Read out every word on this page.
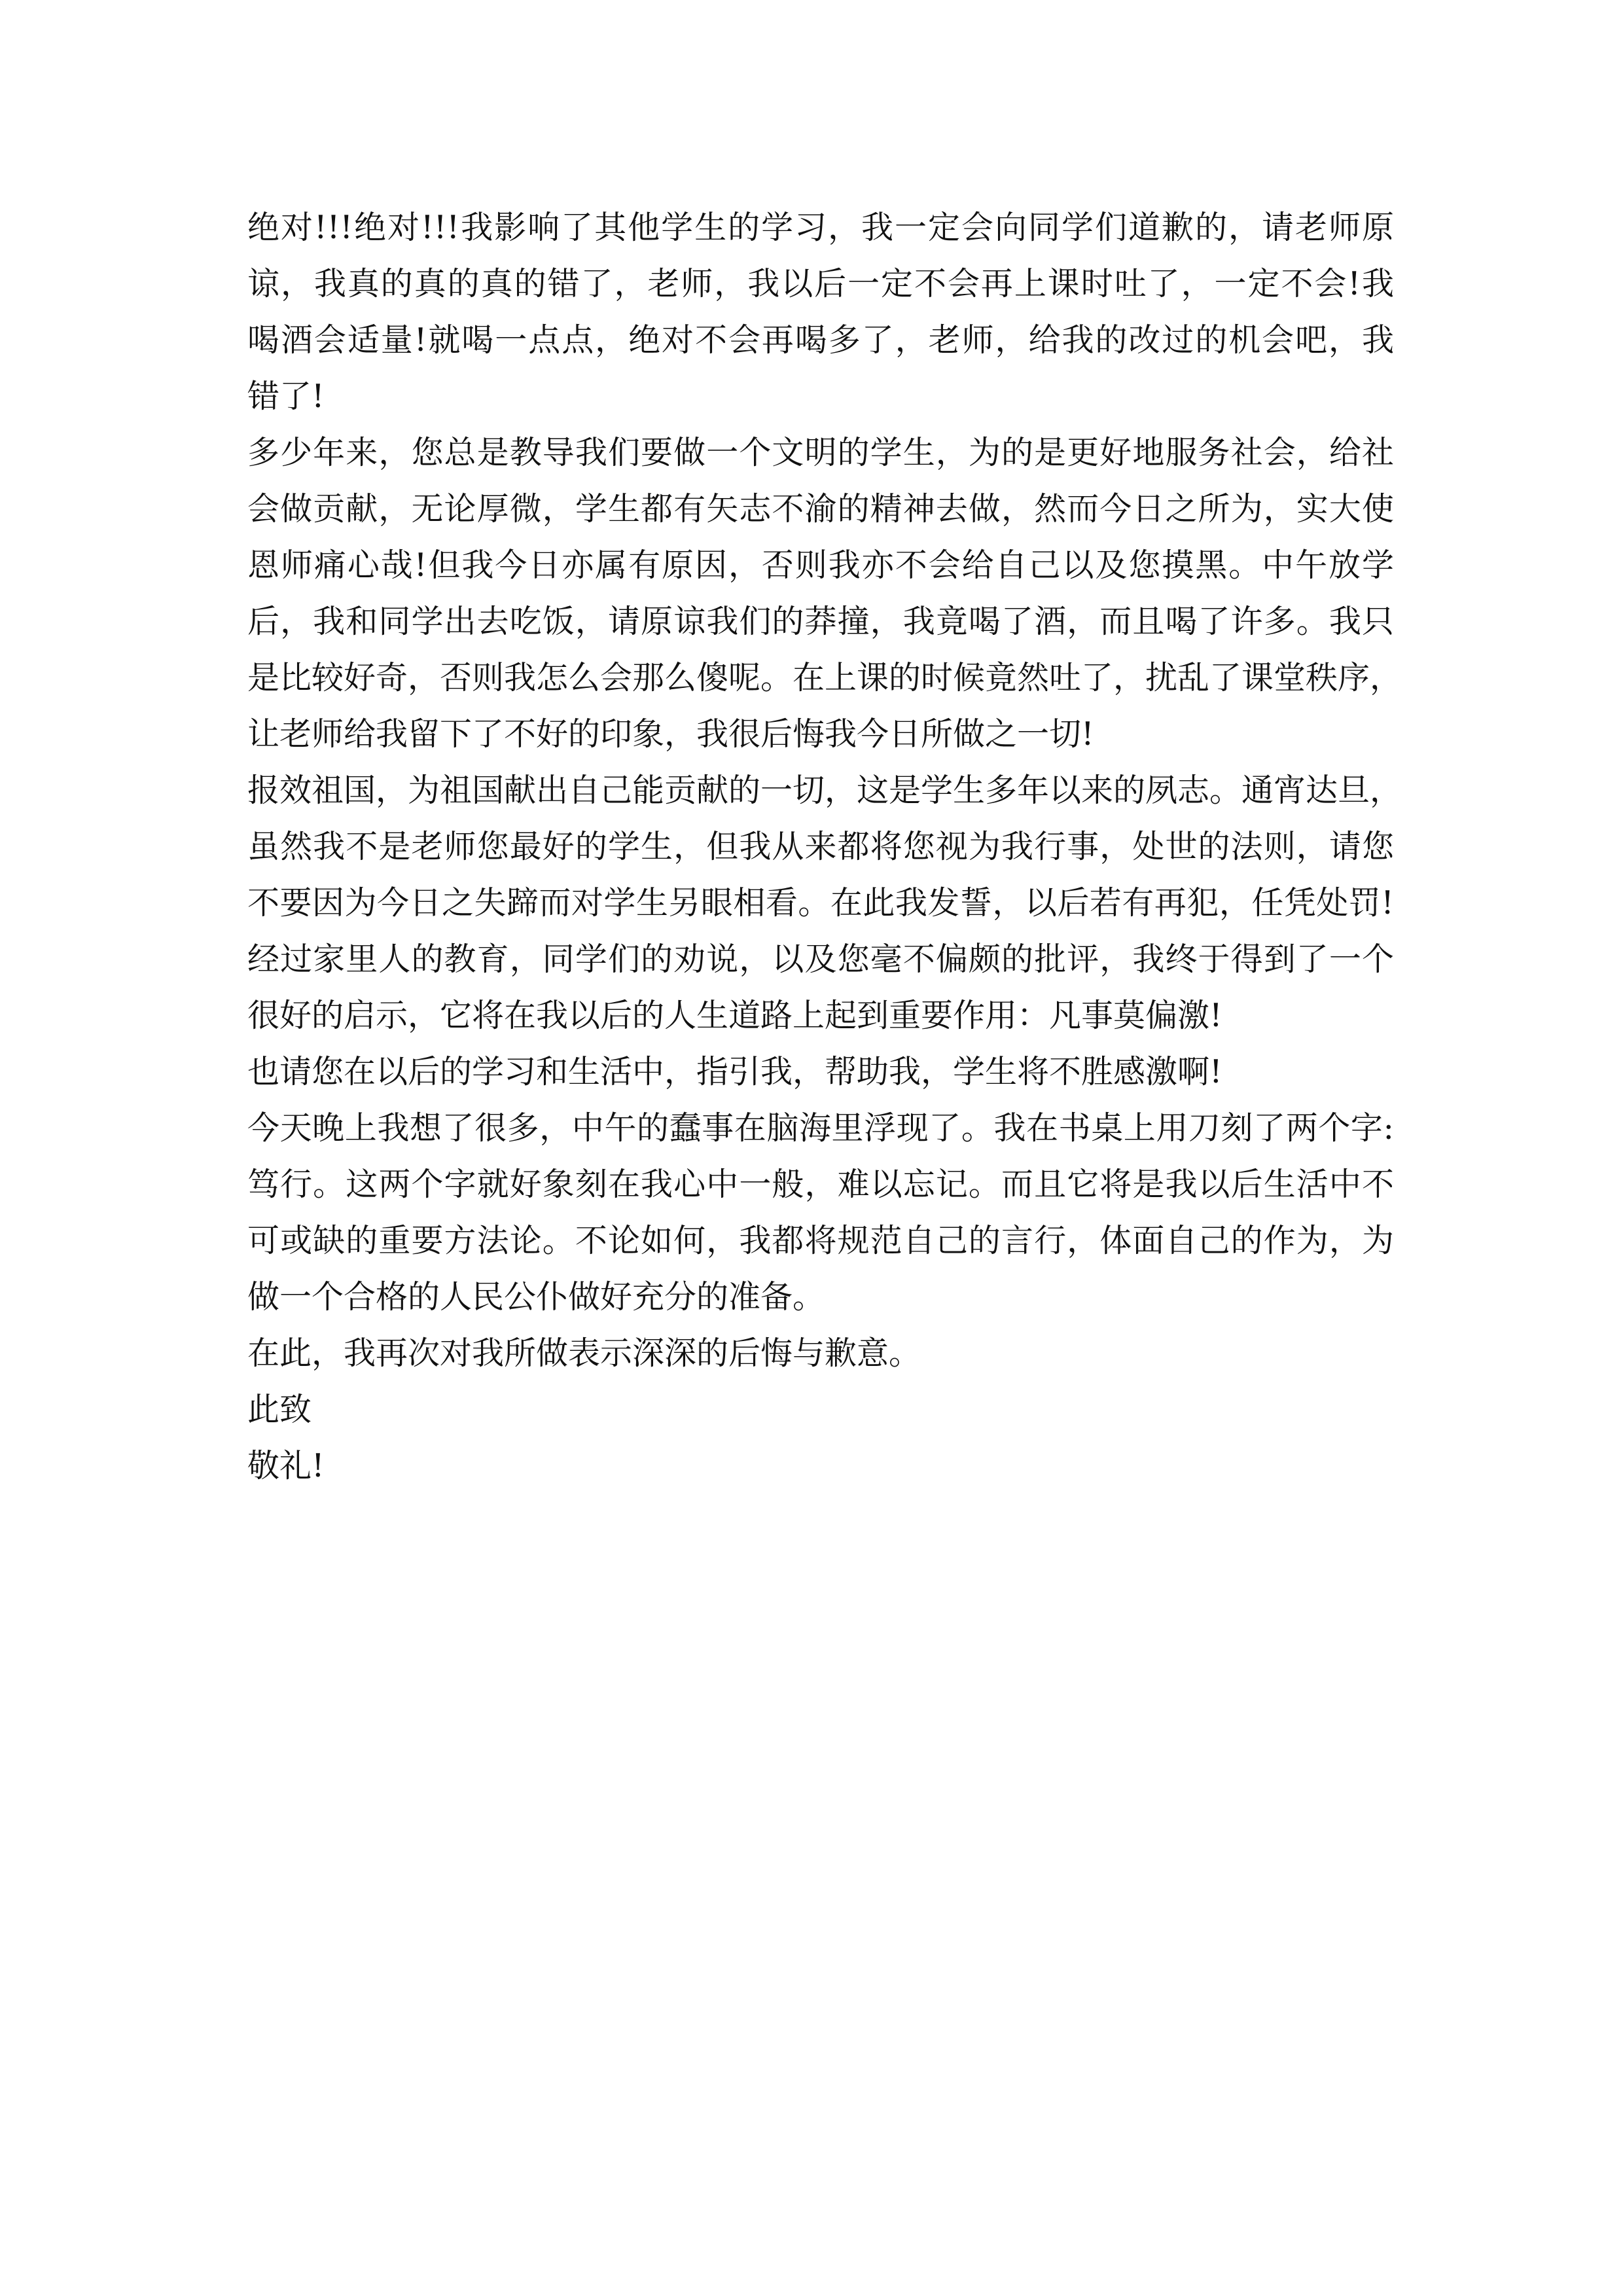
绝对!!!绝对!!!我影响了其他学生的学习，我一定会向同学们道歉的，请老师原
谅，我真的真的真的错了，老师，我以后一定不会再上课时吐了，一定不会!我
喝酒会适量!就喝一点点，绝对不会再喝多了，老师，给我的改过的机会吧，我
错了!
多少年来，您总是教导我们要做一个文明的学生，为的是更好地服务社会，给社
会做贡献，无论厚微，学生都有矢志不渝的精神去做，然而今日之所为，实大使
恩师痛心哉!但我今日亦属有原因，否则我亦不会给自己以及您摸黑。中午放学
后，我和同学出去吃饭，请原谅我们的莽撞，我竟喝了酒，而且喝了许多。我只
是比较好奇，否则我怎么会那么傻呢。在上课的时候竟然吐了，扰乱了课堂秩序，
让老师给我留下了不好的印象，我很后悔我今日所做之一切!
报效祖国，为祖国献出自己能贡献的一切，这是学生多年以来的夙志。通宵达旦，
虽然我不是老师您最好的学生，但我从来都将您视为我行事，处世的法则，请您
不要因为今日之失蹄而对学生另眼相看。在此我发誓，以后若有再犯，任凭处罚!
经过家里人的教育，同学们的劝说，以及您毫不偏颇的批评，我终于得到了一个
很好的启示，它将在我以后的人生道路上起到重要作用：凡事莫偏激!
也请您在以后的学习和生活中，指引我，帮助我，学生将不胜感激啊!
今天晚上我想了很多，中午的蠢事在脑海里浮现了。我在书桌上用刀刻了两个字:
笃行。这两个字就好象刻在我心中一般，难以忘记。而且它将是我以后生活中不
可或缺的重要方法论。不论如何，我都将规范自己的言行，体面自己的作为，为
做一个合格的人民公仆做好充分的准备。
在此，我再次对我所做表示深深的后悔与歉意。
此致
敬礼!
